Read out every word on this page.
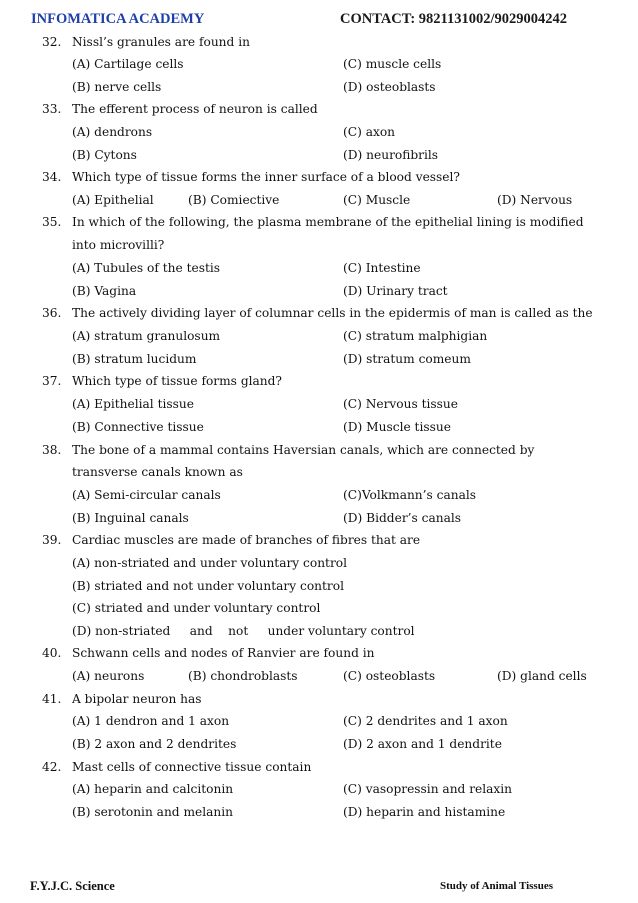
INFOMATICA ACADEMY	CONTACT: 9821131002/9029004242
32. Nissl’s granules are found in
(A) Cartilage cells	(C) muscle cells
(B) nerve cells	(D) osteoblasts
33. The efferent process of neuron is called
(A) dendrons	(C) axon
(B) Cytons	(D) neurofibrils
34. Which type of tissue forms the inner surface of a blood vessel?
(A) Epithelial	(B) Comiective	(C) Muscle	(D) Nervous
35. In which of the following, the plasma membrane of the epithelial lining is modified
into microvilli?
(A) Tubules of the testis	(C) Intestine
(B) Vagina	(D) Urinary tract
36. The actively dividing layer of columnar cells in the epidermis of man is called as the
(A) stratum granulosum	(C) stratum malphigian
(B) stratum lucidum	(D) stratum comeum
37. Which type of tissue forms gland?
(A) Epithelial tissue	(C) Nervous tissue
(B) Connective tissue	(D) Muscle tissue
38. The bone of a mammal contains Haversian canals, which are connected by
transverse canals known as
(A) Semi-circular canals	(C)Volkmann’s canals
(B) Inguinal canals	(D) Bidder’s canals
39. Cardiac muscles are made of branches of fibres that are
(A) non-striated and under voluntary control
(B) striated and not under voluntary control
(C) striated and under voluntary control
(D) non-striated     and    not     under voluntary control
40. Schwann cells and nodes of Ranvier are found in
(A) neurons	(B) chondroblasts	(C) osteoblasts	(D) gland cells
41. A bipolar neuron has
(A) 1 dendron and 1 axon	(C) 2 dendrites and 1 axon
(B) 2 axon and 2 dendrites	(D) 2 axon and 1 dendrite
42. Mast cells of connective tissue contain
(A) heparin and calcitonin	(C) vasopressin and relaxin
(B) serotonin and melanin	(D) heparin and histamine
F.Y.J.C. Science	Study of Animal Tissues
